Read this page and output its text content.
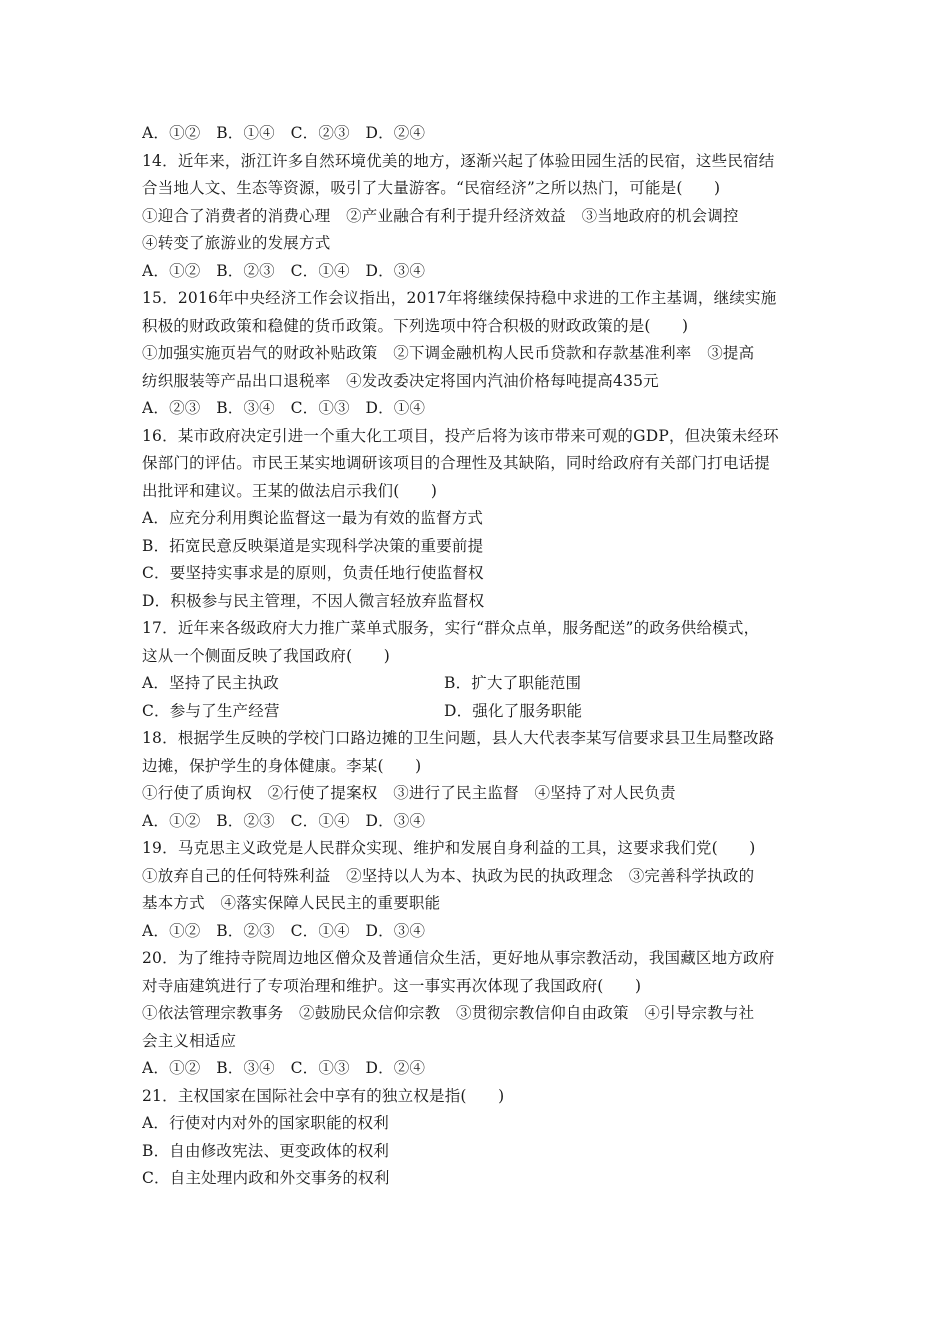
A．①②　B．①④　C．②③　D．②④
14．近年来，浙江许多自然环境优美的地方，逐渐兴起了体验田园生活的民宿，这些民宿结
合当地人文、生态等资源，吸引了大量游客。“民宿经济”之所以热门，可能是(　　)
①迎合了消费者的消费心理　②产业融合有利于提升经济效益　③当地政府的机会调控
④转变了旅游业的发展方式
A．①②　B．②③　C．①④　D．③④
15．2016年中央经济工作会议指出，2017年将继续保持稳中求进的工作主基调，继续实施
积极的财政政策和稳健的货币政策。下列选项中符合积极的财政政策的是(　　)
①加强实施页岩气的财政补贴政策　②下调金融机构人民币贷款和存款基准利率　③提高
纺织服装等产品出口退税率　④发改委决定将国内汽油价格每吨提高435元
A．②③　B．③④　C．①③　D．①④
16．某市政府决定引进一个重大化工项目，投产后将为该市带来可观的GDP，但决策未经环
保部门的评估。市民王某实地调研该项目的合理性及其缺陷，同时给政府有关部门打电话提
出批评和建议。王某的做法启示我们(　　)
A．应充分利用舆论监督这一最为有效的监督方式
B．拓宽民意反映渠道是实现科学决策的重要前提
C．要坚持实事求是的原则，负责任地行使监督权
D．积极参与民主管理，不因人微言轻放弃监督权
17．近年来各级政府大力推广菜单式服务，实行“群众点单，服务配送”的政务供给模式，
这从一个侧面反映了我国政府(　　)
A．坚持了民主执政	B．扩大了职能范围
C．参与了生产经营	D．强化了服务职能
18．根据学生反映的学校门口路边摊的卫生问题，县人大代表李某写信要求县卫生局整改路
边摊，保护学生的身体健康。李某(　　)
①行使了质询权　②行使了提案权　③进行了民主监督　④坚持了对人民负责
A．①②　B．②③　C．①④　D．③④
19．马克思主义政党是人民群众实现、维护和发展自身利益的工具，这要求我们党(　　)
①放弃自己的任何特殊利益　②坚持以人为本、执政为民的执政理念　③完善科学执政的
基本方式　④落实保障人民民主的重要职能
A．①②　B．②③　C．①④　D．③④
20．为了维持寺院周边地区僧众及普通信众生活，更好地从事宗教活动，我国藏区地方政府
对寺庙建筑进行了专项治理和维护。这一事实再次体现了我国政府(　　)
①依法管理宗教事务　②鼓励民众信仰宗教　③贯彻宗教信仰自由政策　④引导宗教与社
会主义相适应
A．①②　B．③④　C．①③　D．②④
21．主权国家在国际社会中享有的独立权是指(　　)
A．行使对内对外的国家职能的权利
B．自由修改宪法、更变政体的权利
C．自主处理内政和外交事务的权利
